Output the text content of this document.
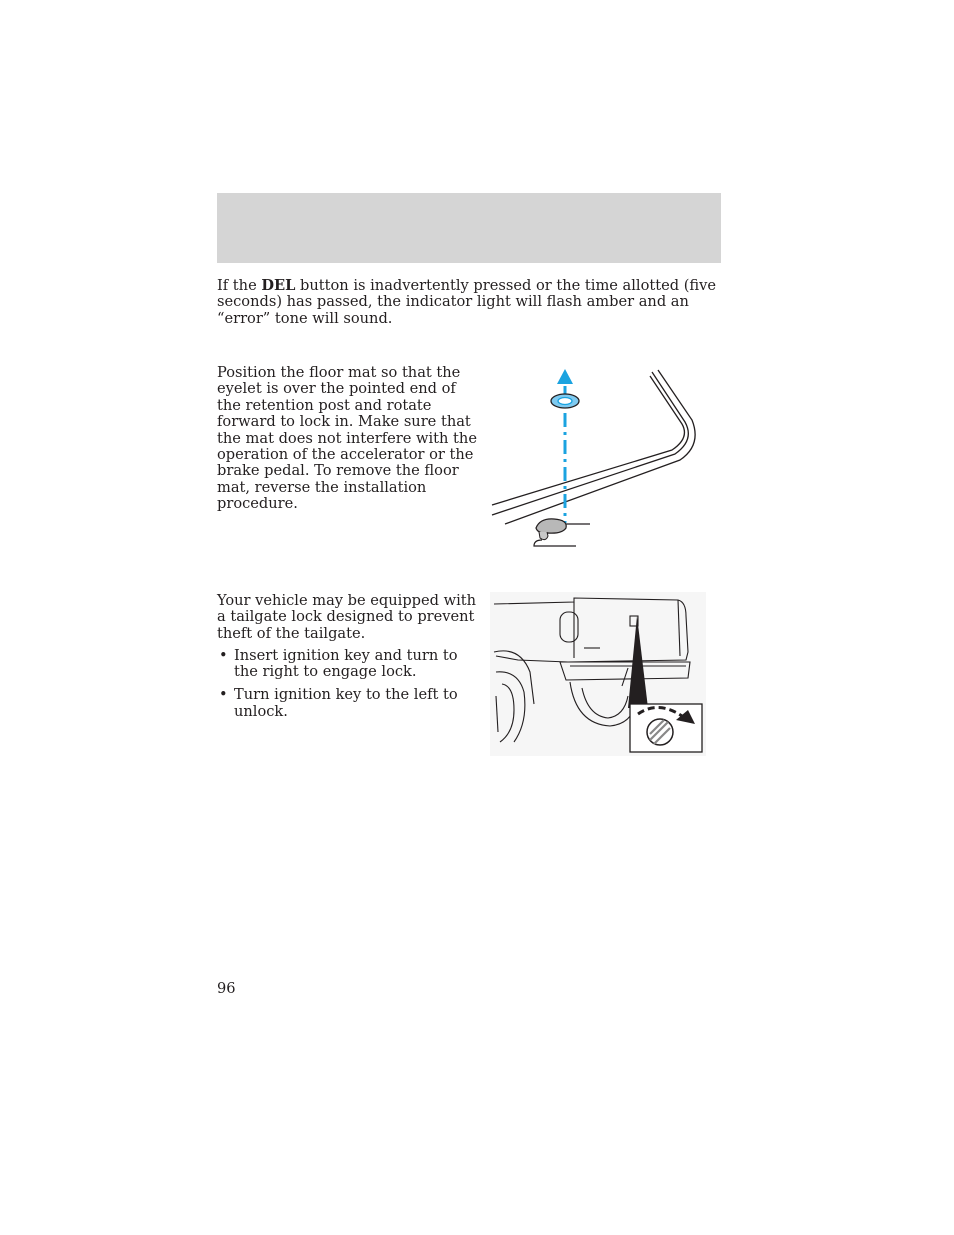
If the DEL button is inadvertently pressed or the time allotted (five seconds) has passed, the indicator light will flash amber and an “error” tone will sound.

Position the floor mat so that the eyelet is over the pointed end of the retention post and rotate forward to lock in. Make sure that the mat does not interfere with the operation of the accelerator or the brake pedal. To remove the floor mat, reverse the installation procedure.

Your vehicle may be equipped with a tailgate lock designed to prevent theft of the tailgate.

• Insert ignition key and turn to the right to engage lock.
• Turn ignition key to the left to unlock.
96
